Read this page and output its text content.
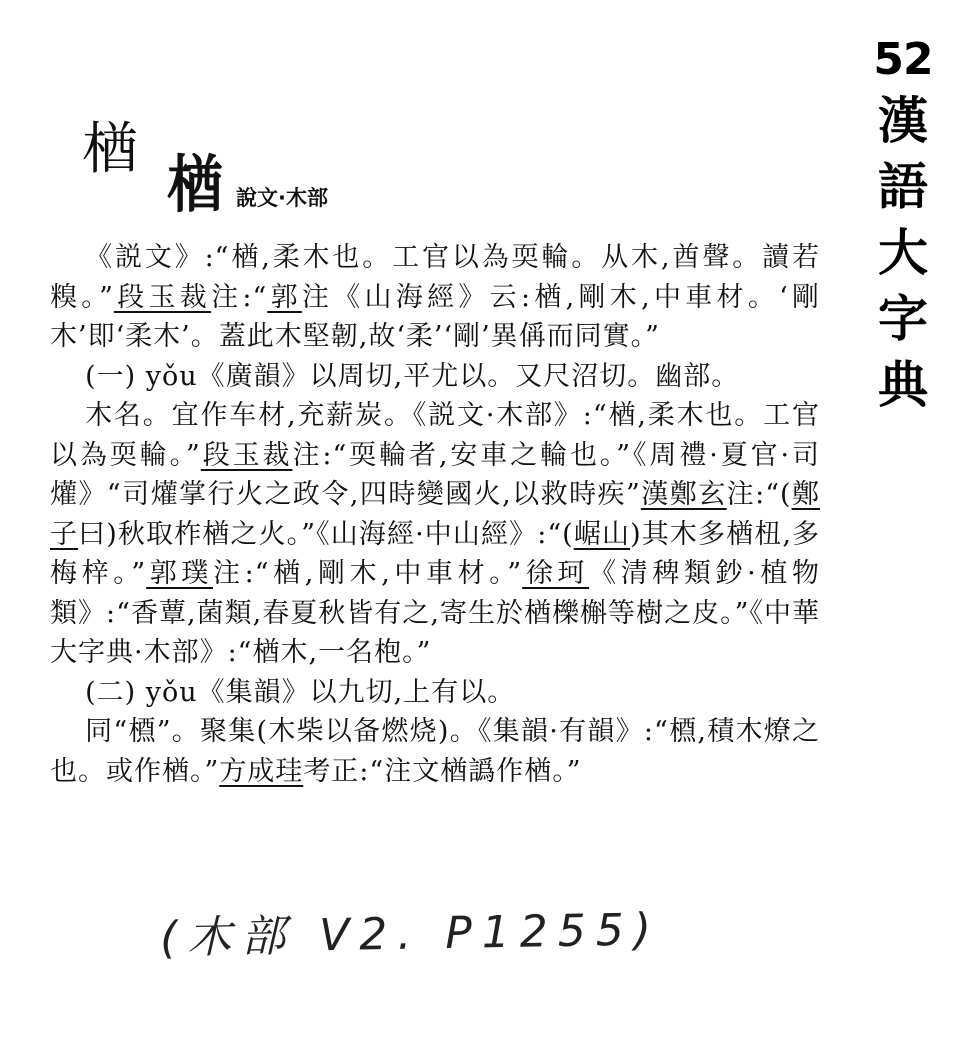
52
漢
語
大
字
典
楢 楢 說文·木部

《説文》:“楢,柔木也。工官以為耎輪。从木,酋聲。讀若糗。”段玉裁注:“郭注《山海經》云:楢,剛木,中車材。‘剛木’即‘柔木’。蓋此木堅韌,故‘柔’‘剛’異偁而同實。”

(一) yǒu《廣韻》以周切,平尤以。又尺沼切。幽部。

木名。宜作车材,充薪炭。《説文·木部》:“楢,柔木也。工官以為耎輪。”段玉裁注:“耎輪者,安車之輪也。”《周禮·夏官·司爟》“司爟掌行火之政令,四時變國火,以救時疾”漢鄭玄注:“(鄭子曰)秋取柞楢之火。”《山海經·中山經》:“(崌山)其木多楢杻,多梅梓。”郭璞注:“楢,剛木,中車材。”徐珂《清稗類鈔·植物類》:“香蕈,菌類,春夏秋皆有之,寄生於楢櫟槲等樹之皮。”《中華大字典·木部》:“楢木,一名枹。”

(二) yǒu《集韻》以九切,上有以。

同“槱”。聚集(木柴以备燃烧)。《集韻·有韻》:“槱,積木燎之也。或作楢。”方成珪考正:“注文楢譌作楢。”

(木部 V2. P1255)
